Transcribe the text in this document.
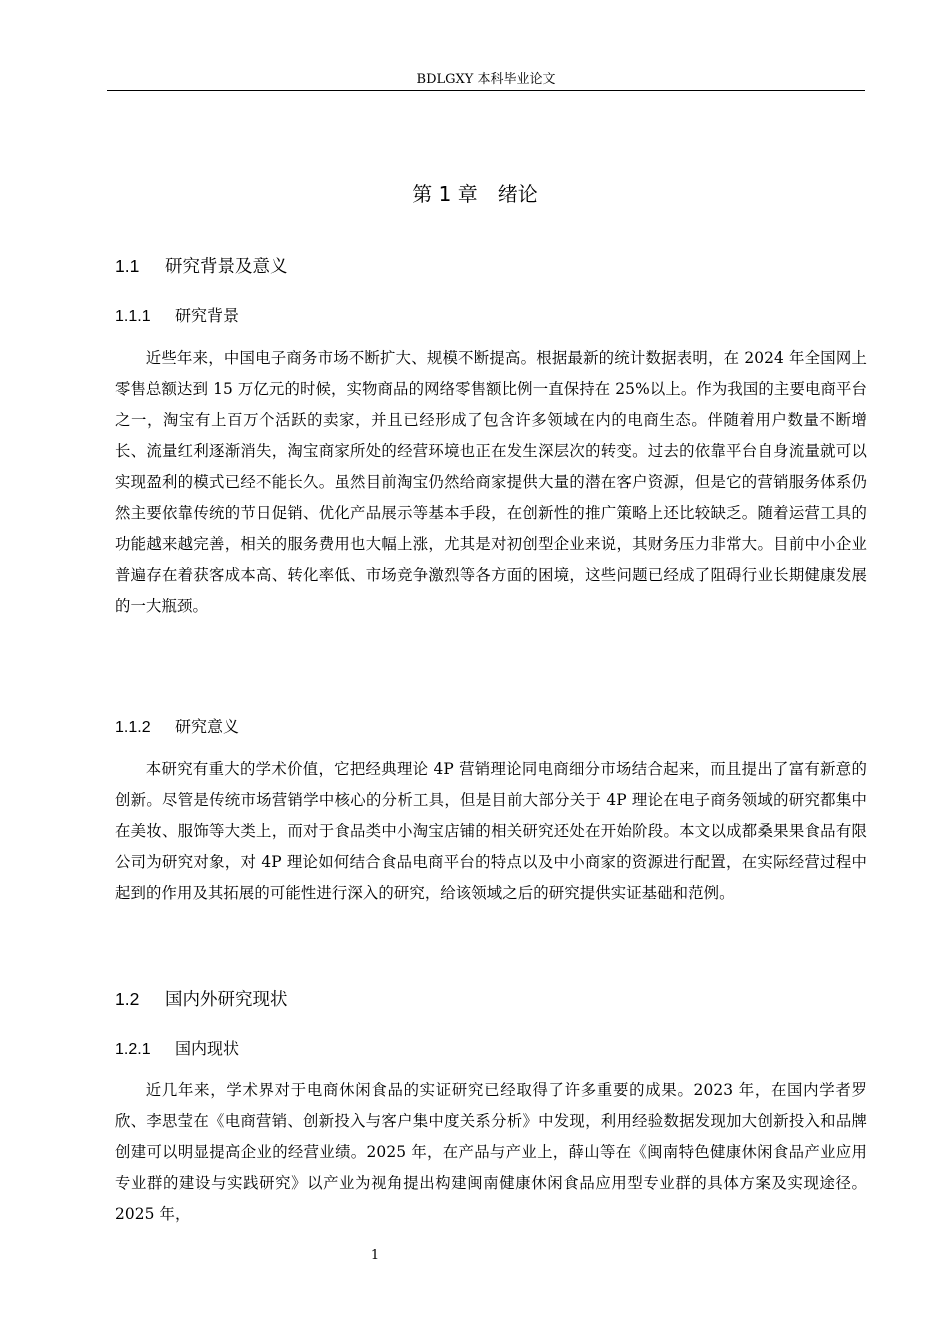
BDLGXY 本科毕业论文
第 1 章　绪论
1.1 研究背景及意义
1.1.1 研究背景

近些年来，中国电子商务市场不断扩大、规模不断提高。根据最新的统计数据表明，在 2024 年全国网上零售总额达到 15 万亿元的时候，实物商品的网络零售额比例一直保持在 25%以上。作为我国的主要电商平台之一，淘宝有上百万个活跃的卖家，并且已经形成了包含许多领域在内的电商生态。伴随着用户数量不断增长、流量红利逐渐消失，淘宝商家所处的经营环境也正在发生深层次的转变。过去的依靠平台自身流量就可以实现盈利的模式已经不能长久。虽然目前淘宝仍然给商家提供大量的潜在客户资源，但是它的营销服务体系仍然主要依靠传统的节日促销、优化产品展示等基本手段，在创新性的推广策略上还比较缺乏。随着运营工具的功能越来越完善，相关的服务费用也大幅上涨，尤其是对初创型企业来说，其财务压力非常大。目前中小企业普遍存在着获客成本高、转化率低、市场竞争激烈等各方面的困境，这些问题已经成了阻碍行业长期健康发展的一大瓶颈。

1.1.2 研究意义

本研究有重大的学术价值，它把经典理论 4P 营销理论同电商细分市场结合起来，而且提出了富有新意的创新。尽管是传统市场营销学中核心的分析工具，但是目前大部分关于 4P 理论在电子商务领域的研究都集中在美妆、服饰等大类上，而对于食品类中小淘宝店铺的相关研究还处在开始阶段。本文以成都桑果果食品有限公司为研究对象，对 4P 理论如何结合食品电商平台的特点以及中小商家的资源进行配置，在实际经营过程中起到的作用及其拓展的可能性进行深入的研究，给该领域之后的研究提供实证基础和范例。

1.2 国内外研究现状
1.2.1 国内现状

近几年来，学术界对于电商休闲食品的实证研究已经取得了许多重要的成果。2023 年，在国内学者罗欣、李思莹在《电商营销、创新投入与客户集中度关系分析》中发现，利用经验数据发现加大创新投入和品牌创建可以明显提高企业的经营业绩。2025 年，在产品与产业上，薛山等在《闽南特色健康休闲食品产业应用专业群的建设与实践研究》以产业为视角提出构建闽南健康休闲食品应用型专业群的具体方案及实现途径。2025 年，

1
